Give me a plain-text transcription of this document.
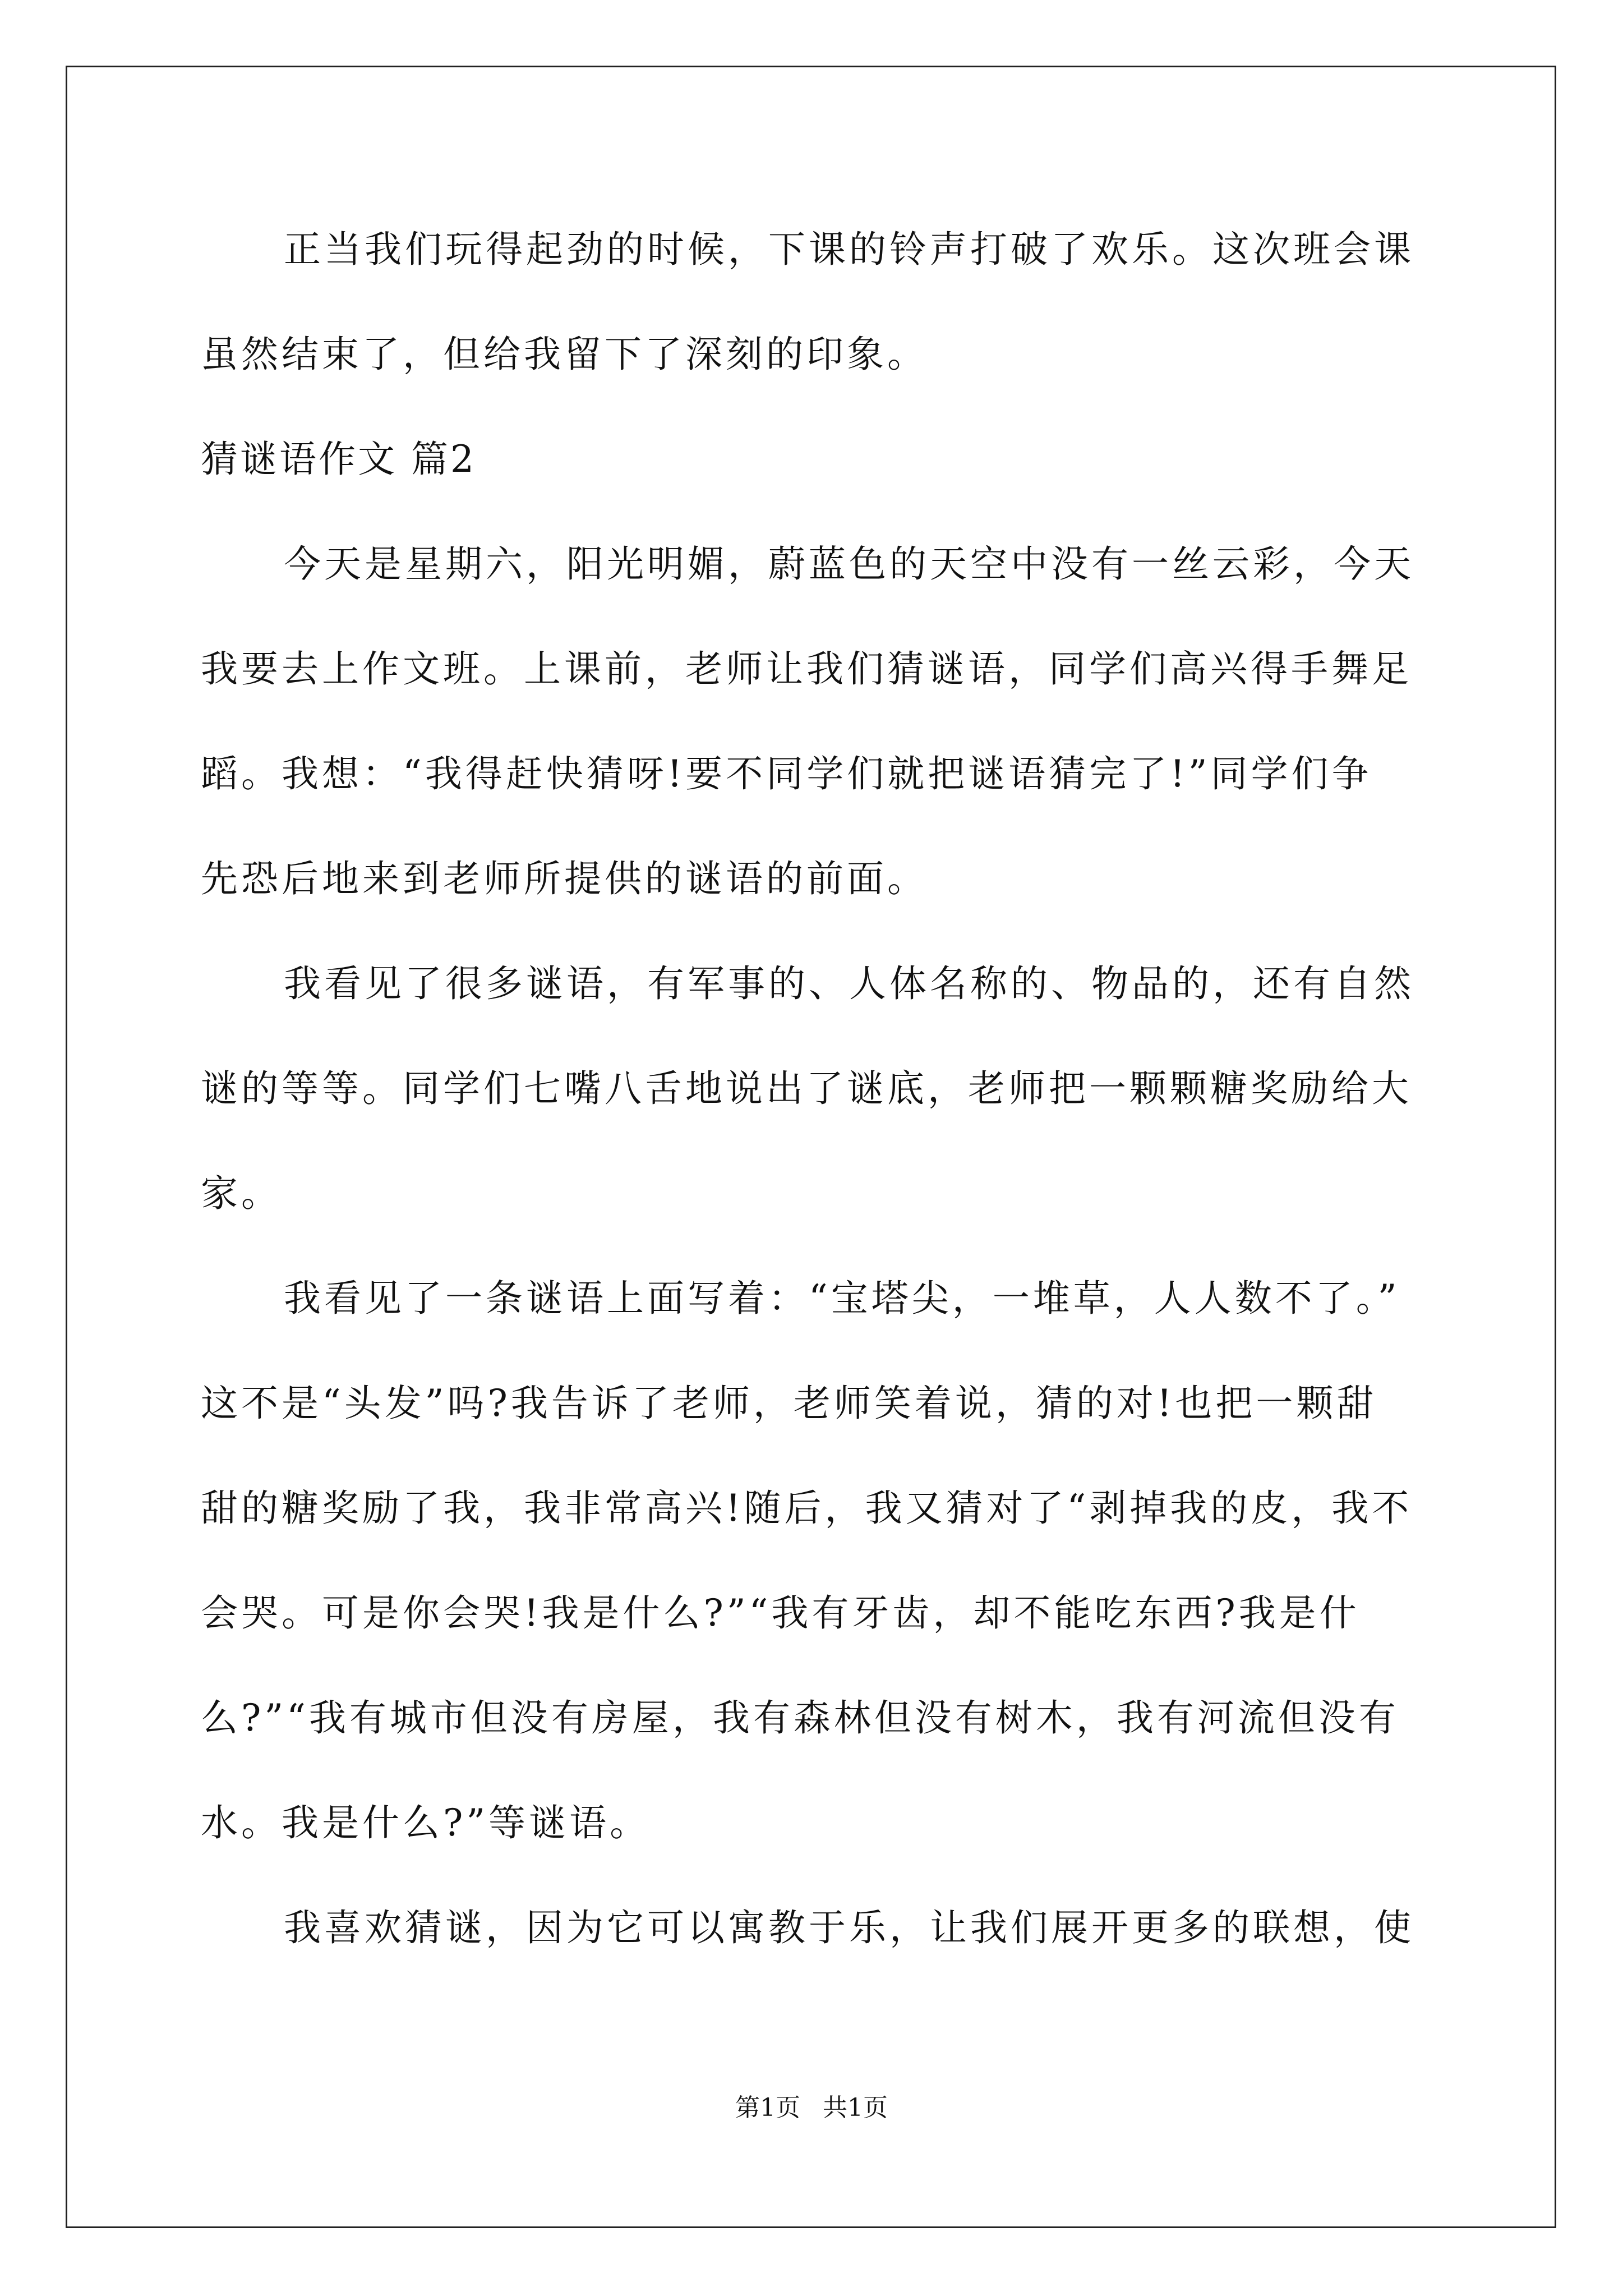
正当我们玩得起劲的时候，下课的铃声打破了欢乐。这次班会课
虽然结束了，但给我留下了深刻的印象。
猜谜语作文 篇2
今天是星期六，阳光明媚，蔚蓝色的天空中没有一丝云彩，今天
我要去上作文班。上课前，老师让我们猜谜语，同学们高兴得手舞足
蹈。我想：“我得赶快猜呀!要不同学们就把谜语猜完了!”同学们争
先恐后地来到老师所提供的谜语的前面。
我看见了很多谜语，有军事的、人体名称的、物品的，还有自然
谜的等等。同学们七嘴八舌地说出了谜底，老师把一颗颗糖奖励给大
家。
我看见了一条谜语上面写着：“宝塔尖，一堆草，人人数不了。”
这不是“头发”吗?我告诉了老师，老师笑着说，猜的对!也把一颗甜
甜的糖奖励了我，我非常高兴!随后，我又猜对了“剥掉我的皮，我不
会哭。可是你会哭!我是什么?”“我有牙齿，却不能吃东西?我是什
么?”“我有城市但没有房屋，我有森林但没有树木，我有河流但没有
水。我是什么?”等谜语。
我喜欢猜谜，因为它可以寓教于乐，让我们展开更多的联想，使
第1页 共1页
